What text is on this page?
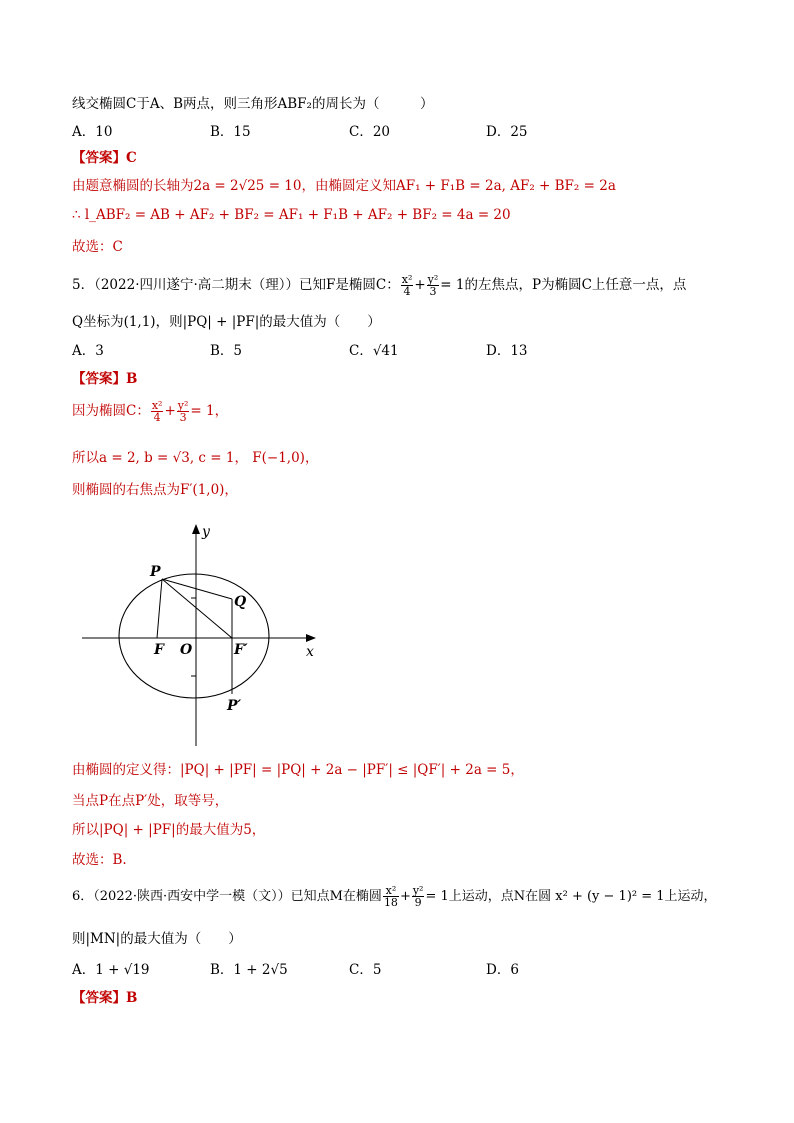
线交椭圆C于A、B两点，则三角形ABF₂的周长为（　　　）
A．10	B．15	C．20	D．25
【答案】C
由题意椭圆的长轴为2a = 2√25 = 10，由椭圆定义知AF₁ + F₁B = 2a, AF₂ + BF₂ = 2a
∴ l_ABF₂ = AB + AF₂ + BF₂ = AF₁ + F₁B + AF₂ + BF₂ = 4a = 20
故选：C
5．（2022·四川遂宁·高二期末（理））已知F是椭圆C： $\frac{\text{x²}}{4} + \frac{\text{y²}}{3} = 1$的左焦点，P为椭圆C上任意一点，点
Q坐标为(1,1)，则|PQ| + |PF|的最大值为（　　）
A．3	B．5	C．√41	D．13
【答案】B
因为椭圆C： $\frac{\text{x²}}{4} + \frac{\text{y²}}{3} = 1$，
所以a = 2, b = √3, c = 1， F(−1,0)，
则椭圆的右焦点为F′(1,0)，
y
x
O
F	F′
P
Q
P′
由椭圆的定义得：|PQ| + |PF| = |PQ| + 2a − |PF′| ≤ |QF′| + 2a = 5，
当点P在点P′处，取等号，
所以|PQ| + |PF|的最大值为5，
故选：B.
6．（2022·陕西·西安中学一模（文））已知点M在椭圆 $\frac{\text{x²}}{18} + \frac{\text{y²}}{9} = 1$上运动，点N在圆 x² + (y − 1)² = 1上运动，
则|MN|的最大值为（　　）
A．1 + √19	B．1 + 2√5	C．5	D．6
【答案】B
